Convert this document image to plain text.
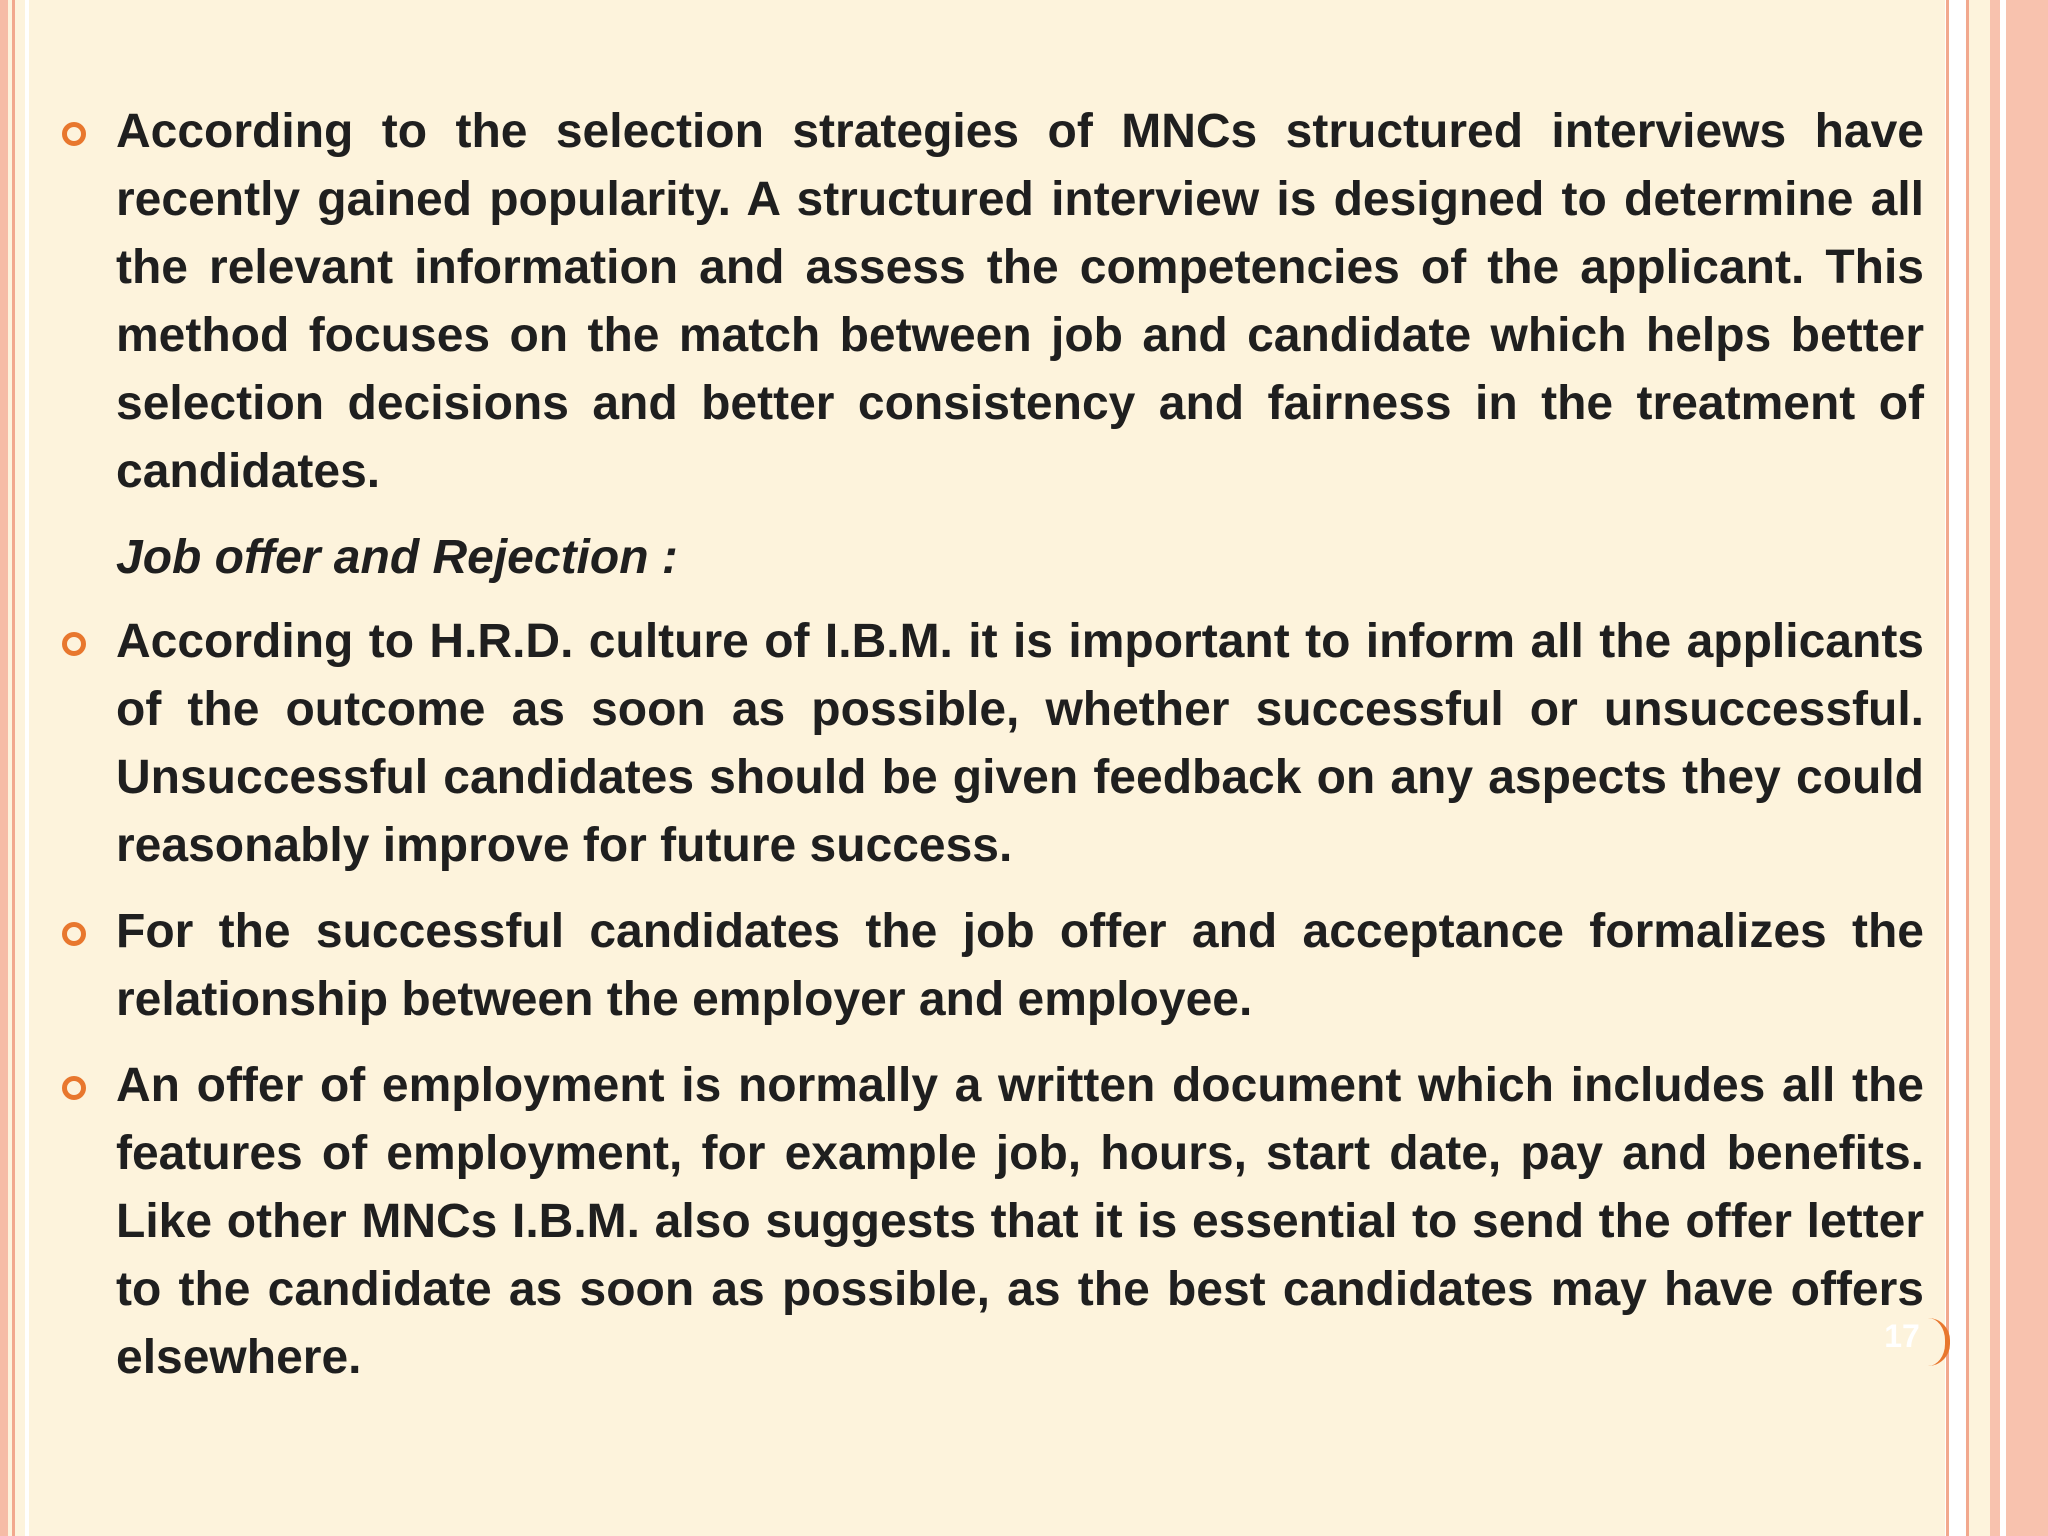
According to the selection strategies of MNCs structured interviews have recently gained popularity. A structured interview is designed to determine all the relevant information and assess the competencies of the applicant. This method focuses on the match between job and candidate which helps better selection decisions and better consistency and fairness in the treatment of candidates.
Job offer and Rejection :
According to H.R.D. culture of I.B.M. it is important to inform all the applicants of the outcome as soon as possible, whether successful or unsuccessful. Unsuccessful candidates should be given feedback on any aspects they could reasonably improve for future success.
For the successful candidates the job offer and acceptance formalizes the relationship between the employer and employee.
An offer of employment is normally a written document which includes all the features of employment, for example job, hours, start date, pay and benefits. Like other MNCs I.B.M. also suggests that it is essential to send the offer letter to the candidate as soon as possible, as the best candidates may have offers elsewhere.	17
